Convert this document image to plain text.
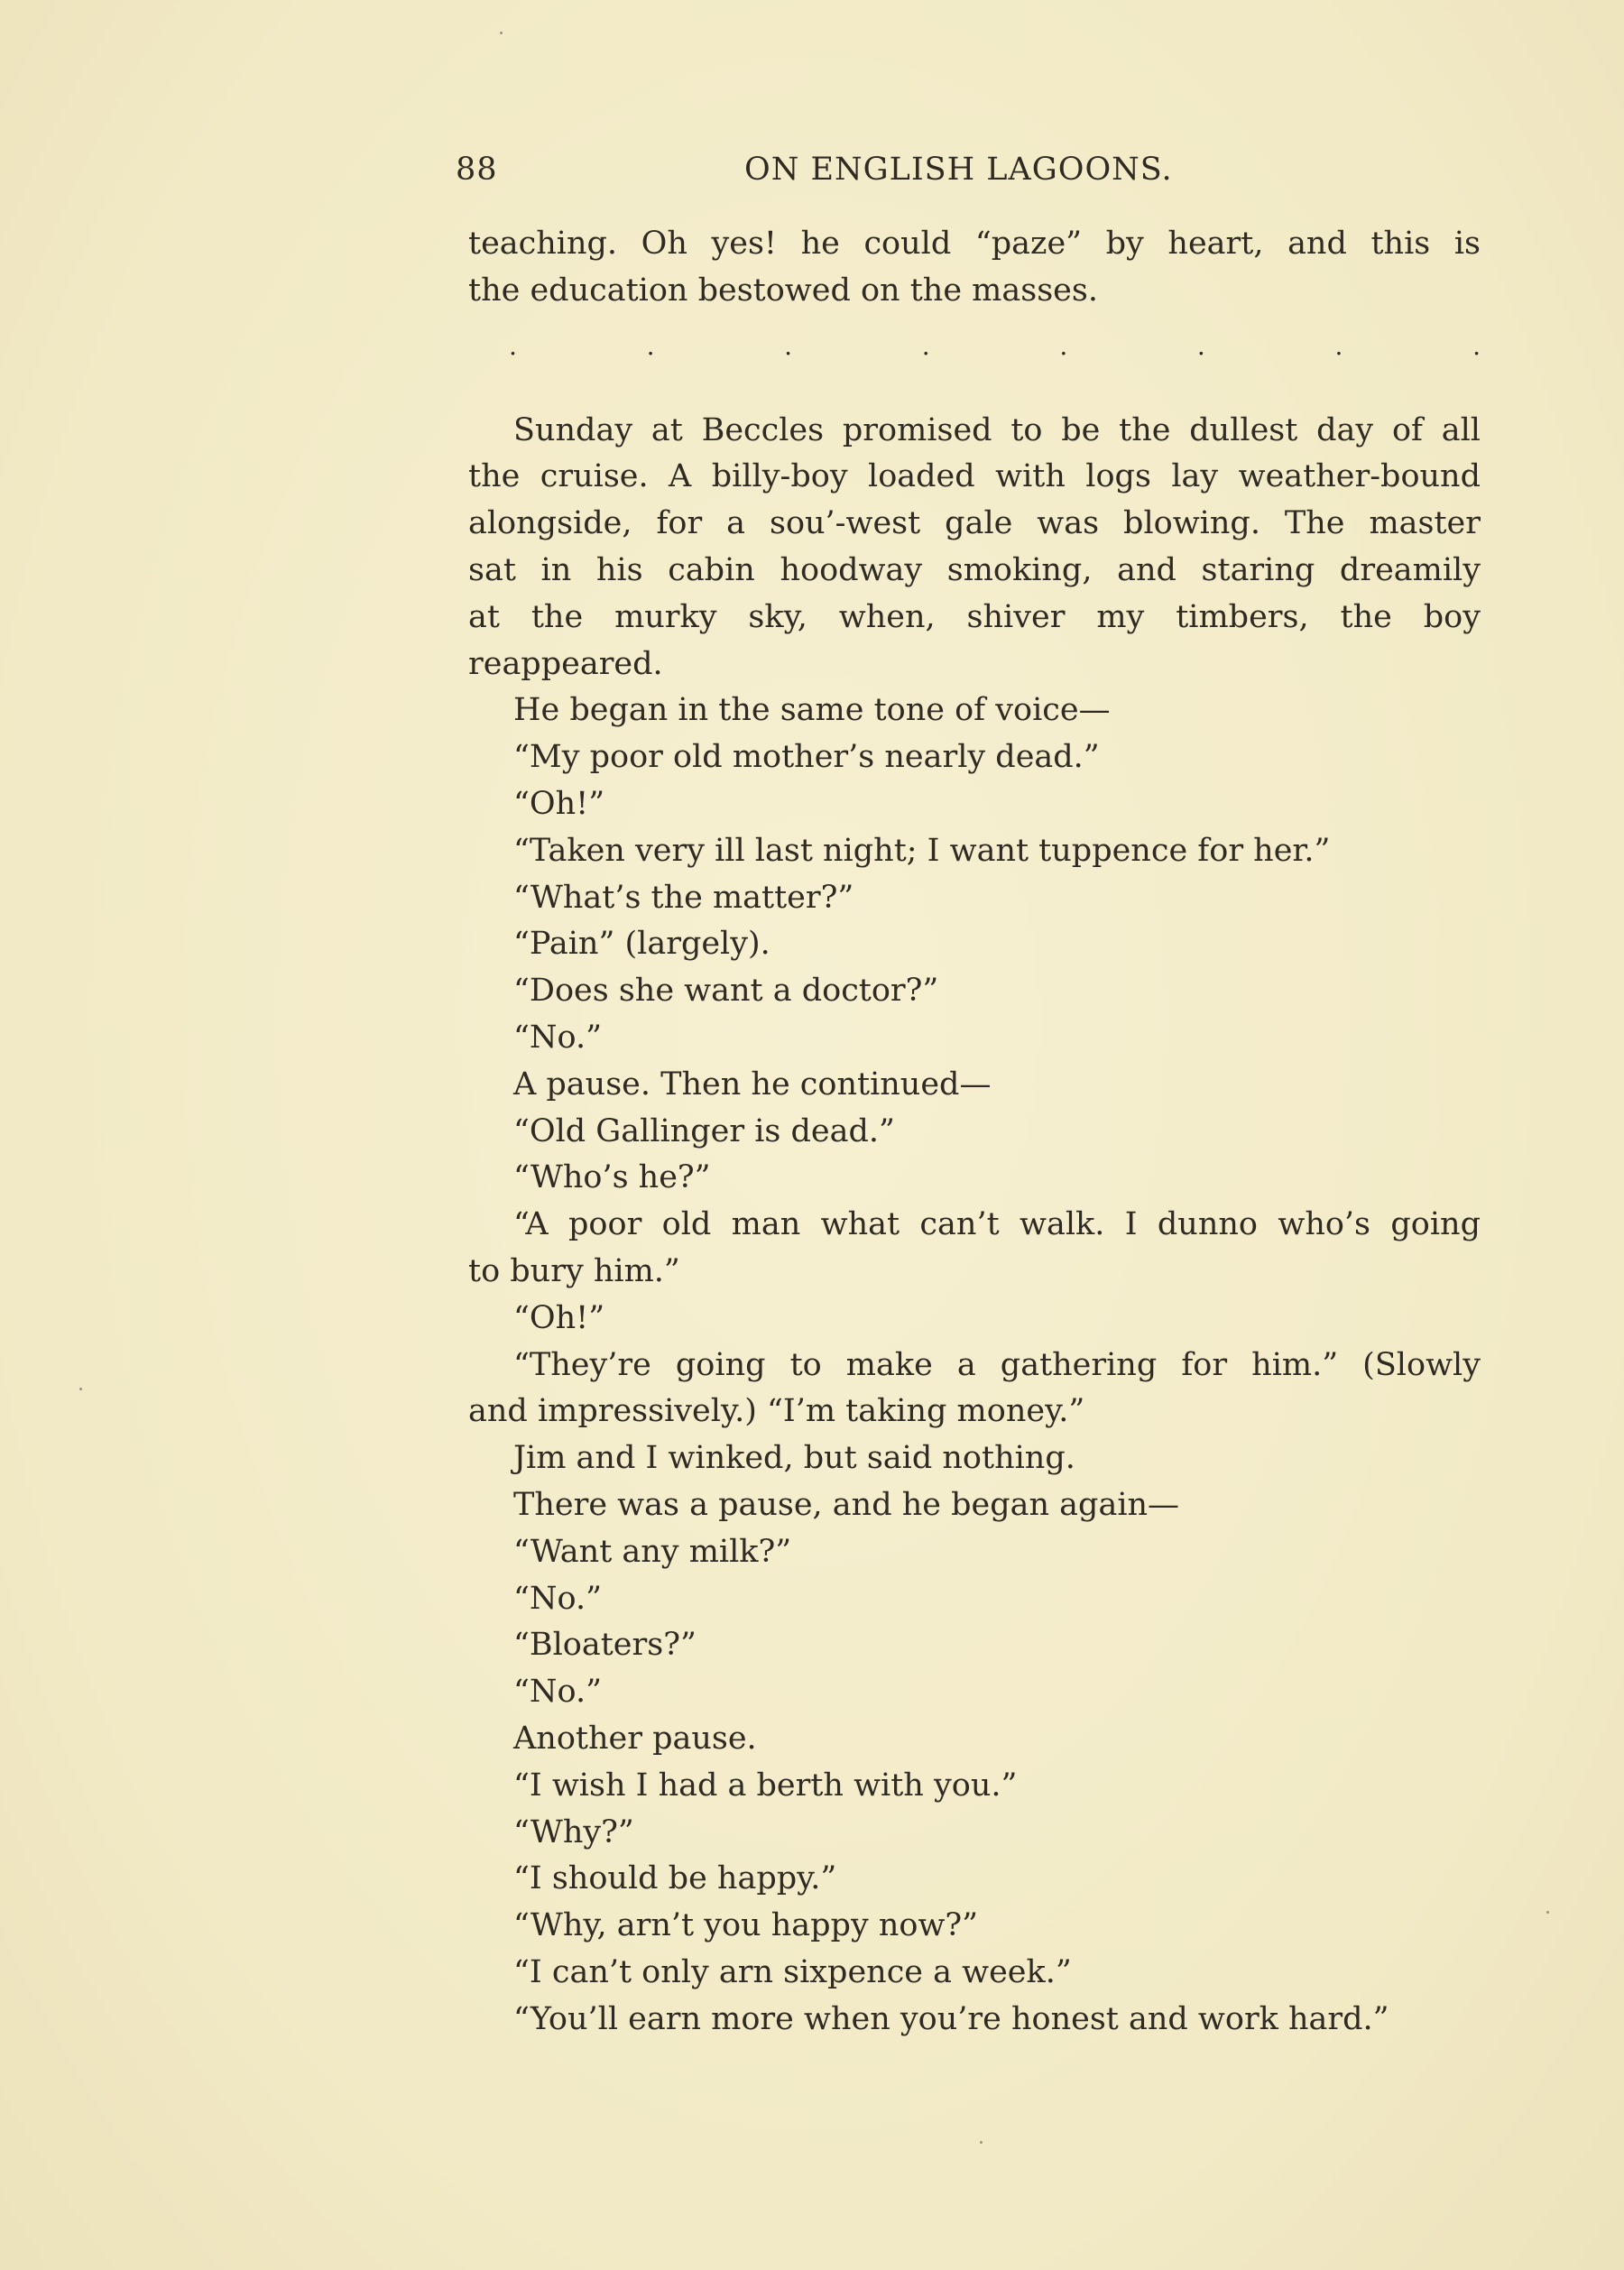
88	ON ENGLISH LAGOONS.
teaching. Oh yes! he could “paze” by heart, and this is
the education bestowed on the masses.
. . . . . . . .
Sunday at Beccles promised to be the dullest day of all
the cruise. A billy-boy loaded with logs lay weather-bound
alongside, for a sou’-west gale was blowing. The master
sat in his cabin hoodway smoking, and staring dreamily
at the murky sky, when, shiver my timbers, the boy
reappeared.
He began in the same tone of voice—
“My poor old mother’s nearly dead.”
“Oh!”
“Taken very ill last night; I want tuppence for her.”
“What’s the matter?”
“Pain” (largely).
“Does she want a doctor?”
“No.”
A pause. Then he continued—
“Old Gallinger is dead.”
“Who’s he?”
“A poor old man what can’t walk. I dunno who’s going
to bury him.”
“Oh!”
“They’re going to make a gathering for him.” (Slowly
and impressively.) “I’m taking money.”
Jim and I winked, but said nothing.
There was a pause, and he began again—
“Want any milk?”
“No.”
“Bloaters?”
“No.”
Another pause.
“I wish I had a berth with you.”
“Why?”
“I should be happy.”
“Why, arn’t you happy now?”
“I can’t only arn sixpence a week.”
“You’ll earn more when you’re honest and work hard.”
